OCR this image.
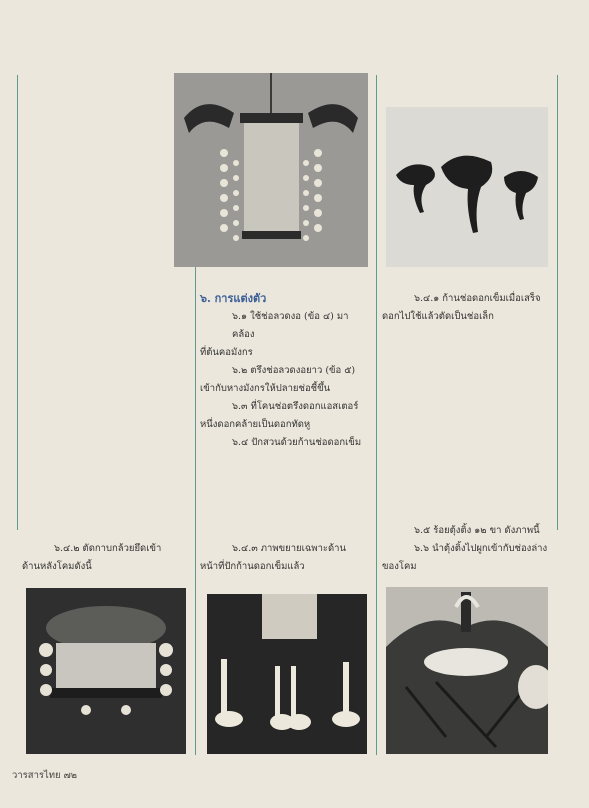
๖. การแต่งตัว

๖.๑ ใช้ช่อลวดงอ (ข้อ ๔) มาคล้อง

ที่ต้นคอมังกร

๖.๒ ตรึงช่อลวดงอยาว (ข้อ ๕)

เข้ากับหางมังกรให้ปลายช่อชี้ขึ้น

๖.๓ ที่โคนช่อตรึงดอกแอสเตอร์

หนึ่งดอกคล้ายเป็นดอกทัดหู

๖.๔ ปักสวนด้วยก้านช่อดอกเข็ม

๖.๔.๑ ก้านช่อดอกเข็มเมื่อเสร็จ

ดอกไปใช้แล้วตัดเป็นช่อเล็ก

๖.๔.๒ ตัดกาบกล้วยยึดเข้า

ด้านหลังโคมดังนี้

๖.๔.๓ ภาพขยายเฉพาะด้าน

หน้าที่ปักก้านดอกเข็มแล้ว

๖.๕ ร้อยตุ้งติ้ง ๑๒ ขา ดังภาพนี้

๖.๖ นำตุ้งติ้งไปผูกเข้ากับช่องล่าง

ของโคม

วารสารไทย ๗๒
